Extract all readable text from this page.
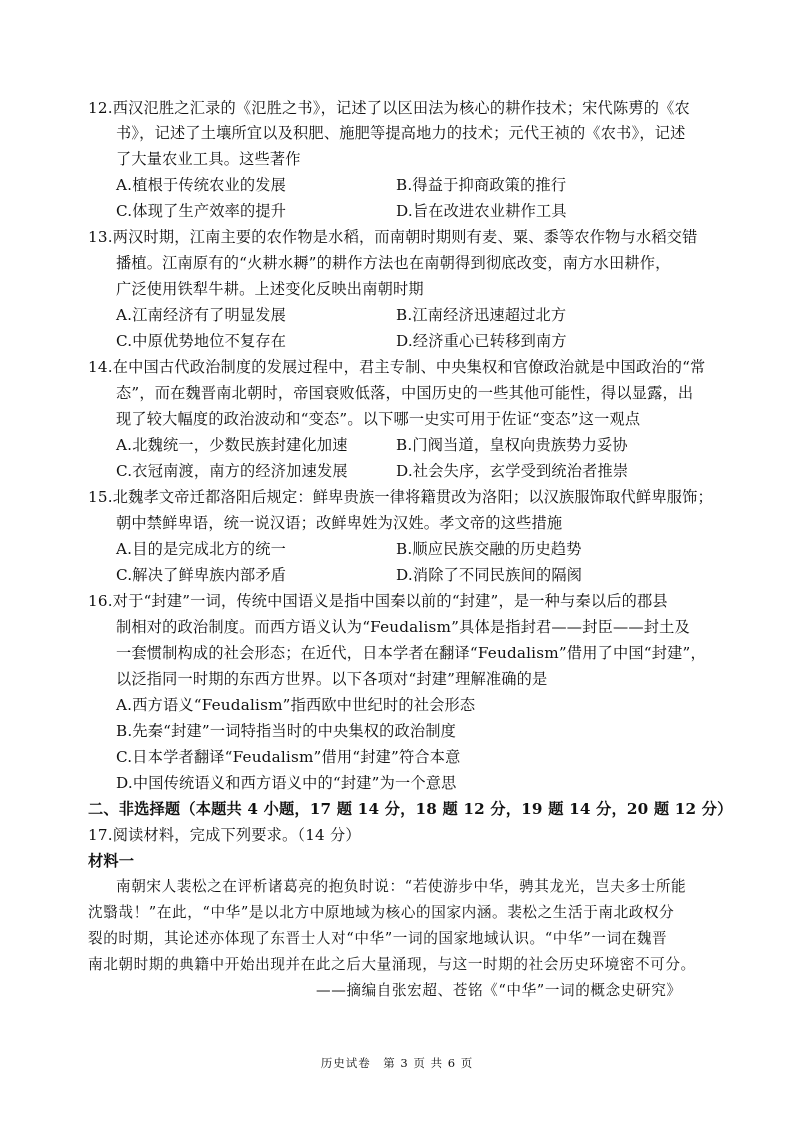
12.西汉氾胜之汇录的《氾胜之书》，记述了以区田法为核心的耕作技术；宋代陈旉的《农
书》，记述了土壤所宜以及积肥、施肥等提高地力的技术；元代王祯的《农书》，记述
了大量农业工具。这些著作
A.植根于传统农业的发展	B.得益于抑商政策的推行
C.体现了生产效率的提升	D.旨在改进农业耕作工具
13.两汉时期，江南主要的农作物是水稻，而南朝时期则有麦、粟、黍等农作物与水稻交错
播植。江南原有的“火耕水耨”的耕作方法也在南朝得到彻底改变，南方水田耕作，
广泛使用铁犁牛耕。上述变化反映出南朝时期
A.江南经济有了明显发展	B.江南经济迅速超过北方
C.中原优势地位不复存在	D.经济重心已转移到南方
14.在中国古代政治制度的发展过程中，君主专制、中央集权和官僚政治就是中国政治的“常
态”，而在魏晋南北朝时，帝国衰败低落，中国历史的一些其他可能性，得以显露，出
现了较大幅度的政治波动和“变态”。以下哪一史实可用于佐证“变态”这一观点
A.北魏统一，少数民族封建化加速	B.门阀当道，皇权向贵族势力妥协
C.衣冠南渡，南方的经济加速发展	D.社会失序，玄学受到统治者推崇
15.北魏孝文帝迁都洛阳后规定：鲜卑贵族一律将籍贯改为洛阳；以汉族服饰取代鲜卑服饰；
朝中禁鲜卑语，统一说汉语；改鲜卑姓为汉姓。孝文帝的这些措施
A.目的是完成北方的统一	B.顺应民族交融的历史趋势
C.解决了鲜卑族内部矛盾	D.消除了不同民族间的隔阂
16.对于“封建”一词，传统中国语义是指中国秦以前的“封建”，是一种与秦以后的郡县
制相对的政治制度。而西方语义认为“Feudalism”具体是指封君——封臣——封土及
一套惯制构成的社会形态；在近代，日本学者在翻译“Feudalism”借用了中国“封建”，
以泛指同一时期的东西方世界。以下各项对“封建”理解准确的是
A.西方语义“Feudalism”指西欧中世纪时的社会形态
B.先秦“封建”一词特指当时的中央集权的政治制度
C.日本学者翻译“Feudalism”借用“封建”符合本意
D.中国传统语义和西方语义中的“封建”为一个意思
二、非选择题（本题共 4 小题，17 题 14 分，18 题 12 分，19 题 14 分，20 题 12 分）
17.阅读材料，完成下列要求。（14 分）
材料一
南朝宋人裴松之在评析诸葛亮的抱负时说：“若使游步中华，骋其龙光，岂夫多士所能
沈翳哉！”在此，“中华”是以北方中原地域为核心的国家内涵。裴松之生活于南北政权分
裂的时期，其论述亦体现了东晋士人对“中华”一词的国家地域认识。“中华”一词在魏晋
南北朝时期的典籍中开始出现并在此之后大量涌现，与这一时期的社会历史环境密不可分。
——摘编自张宏超、苍铭《“中华”一词的概念史研究》
历史试卷　第 3 页 共 6 页
